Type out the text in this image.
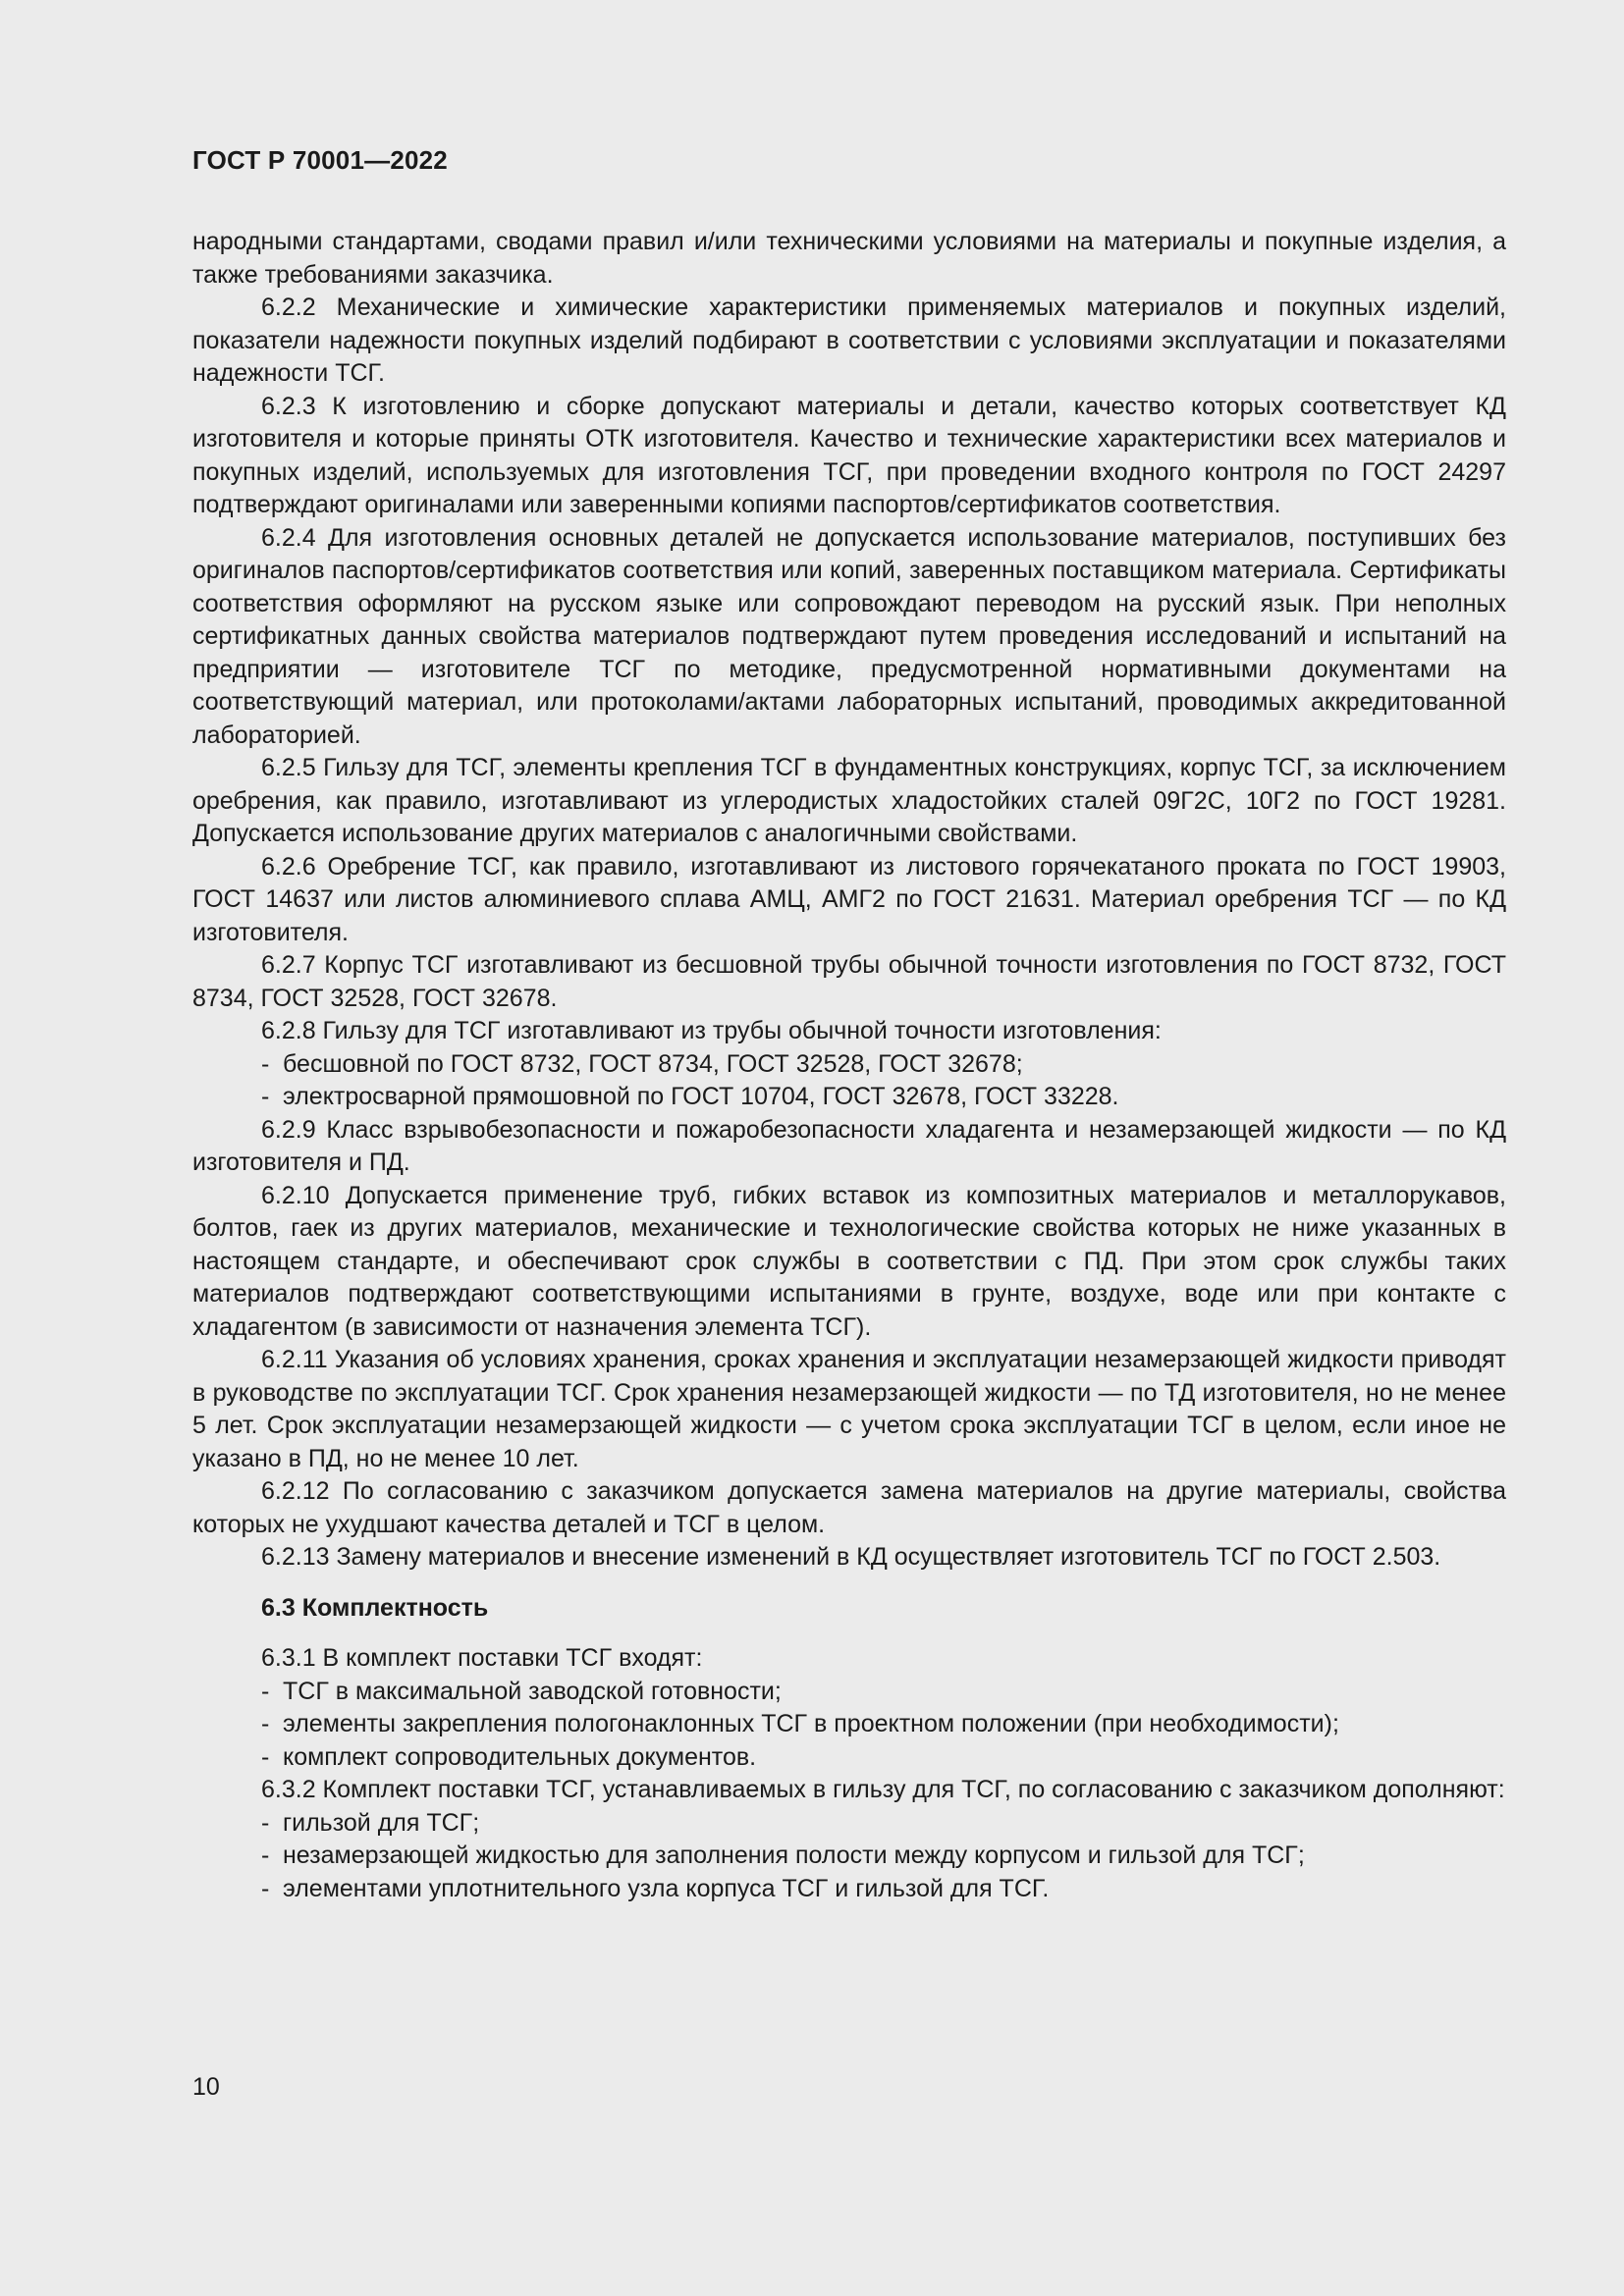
ГОСТ Р 70001—2022

народными стандартами, сводами правил и/или техническими условиями на материалы и покупные изделия, а также требованиями заказчика.

6.2.2 Механические и химические характеристики применяемых материалов и покупных изделий, показатели надежности покупных изделий подбирают в соответствии с условиями эксплуатации и показателями надежности ТСГ.

6.2.3 К изготовлению и сборке допускают материалы и детали, качество которых соответствует КД изготовителя и которые приняты ОТК изготовителя. Качество и технические характеристики всех материалов и покупных изделий, используемых для изготовления ТСГ, при проведении входного контроля по ГОСТ 24297 подтверждают оригиналами или заверенными копиями паспортов/сертификатов соответствия.

6.2.4 Для изготовления основных деталей не допускается использование материалов, поступивших без оригиналов паспортов/сертификатов соответствия или копий, заверенных поставщиком материала. Сертификаты соответствия оформляют на русском языке или сопровождают переводом на русский язык. При неполных сертификатных данных свойства материалов подтверждают путем проведения исследований и испытаний на предприятии — изготовителе ТСГ по методике, предусмотренной нормативными документами на соответствующий материал, или протоколами/актами лабораторных испытаний, проводимых аккредитованной лабораторией.

6.2.5 Гильзу для ТСГ, элементы крепления ТСГ в фундаментных конструкциях, корпус ТСГ, за исключением оребрения, как правило, изготавливают из углеродистых хладостойких сталей 09Г2С, 10Г2 по ГОСТ 19281. Допускается использование других материалов с аналогичными свойствами.

6.2.6 Оребрение ТСГ, как правило, изготавливают из листового горячекатаного проката по ГОСТ 19903, ГОСТ 14637 или листов алюминиевого сплава АМЦ, АМГ2 по ГОСТ 21631. Материал оребрения ТСГ — по КД изготовителя.

6.2.7 Корпус ТСГ изготавливают из бесшовной трубы обычной точности изготовления по ГОСТ 8732, ГОСТ 8734, ГОСТ 32528, ГОСТ 32678.

6.2.8 Гильзу для ТСГ изготавливают из трубы обычной точности изготовления:

- бесшовной по ГОСТ 8732, ГОСТ 8734, ГОСТ 32528, ГОСТ 32678;
- электросварной прямошовной по ГОСТ 10704, ГОСТ 32678, ГОСТ 33228.

6.2.9 Класс взрывобезопасности и пожаробезопасности хладагента и незамерзающей жидкости — по КД изготовителя и ПД.

6.2.10 Допускается применение труб, гибких вставок из композитных материалов и металлорукавов, болтов, гаек из других материалов, механические и технологические свойства которых не ниже указанных в настоящем стандарте, и обеспечивают срок службы в соответствии с ПД. При этом срок службы таких материалов подтверждают соответствующими испытаниями в грунте, воздухе, воде или при контакте с хладагентом (в зависимости от назначения элемента ТСГ).

6.2.11 Указания об условиях хранения, сроках хранения и эксплуатации незамерзающей жидкости приводят в руководстве по эксплуатации ТСГ. Срок хранения незамерзающей жидкости — по ТД изготовителя, но не менее 5 лет. Срок эксплуатации незамерзающей жидкости — с учетом срока эксплуатации ТСГ в целом, если иное не указано в ПД, но не менее 10 лет.

6.2.12 По согласованию с заказчиком допускается замена материалов на другие материалы, свойства которых не ухудшают качества деталей и ТСГ в целом.

6.2.13 Замену материалов и внесение изменений в КД осуществляет изготовитель ТСГ по ГОСТ 2.503.

6.3 Комплектность

6.3.1 В комплект поставки ТСГ входят:

- ТСГ в максимальной заводской готовности;
- элементы закрепления пологонаклонных ТСГ в проектном положении (при необходимости);
- комплект сопроводительных документов.

6.3.2 Комплект поставки ТСГ, устанавливаемых в гильзу для ТСГ, по согласованию с заказчиком дополняют:

- гильзой для ТСГ;
- незамерзающей жидкостью для заполнения полости между корпусом и гильзой для ТСГ;
- элементами уплотнительного узла корпуса ТСГ и гильзой для ТСГ.
10
